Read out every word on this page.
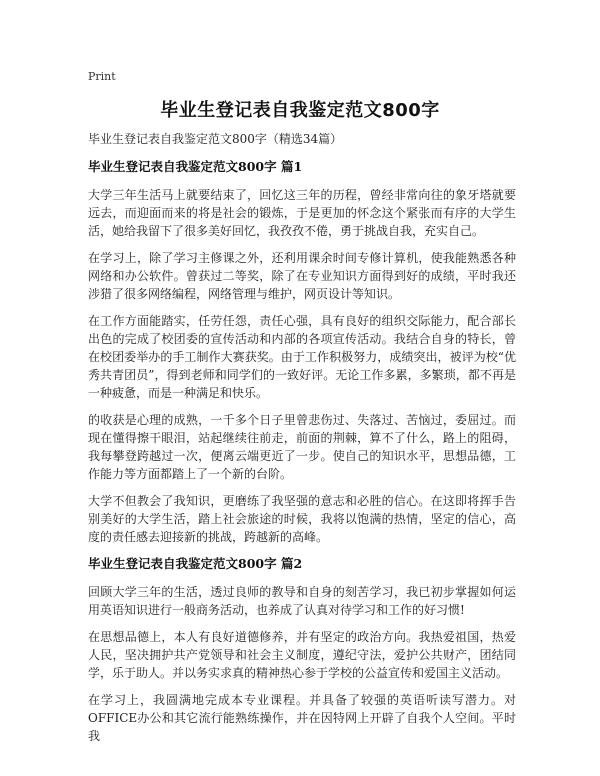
Print
毕业生登记表自我鉴定范文800字

毕业生登记表自我鉴定范文800字（精选34篇）

毕业生登记表自我鉴定范文800字 篇1

大学三年生活马上就要结束了，回忆这三年的历程，曾经非常向往的象牙塔就要远去，而迎面而来的将是社会的锻炼，于是更加的怀念这个紧张而有序的大学生活，她给我留下了很多美好回忆，我孜孜不倦，勇于挑战自我，充实自己。

在学习上，除了学习主修课之外，还利用课余时间专修计算机，使我能熟悉各种网络和办公软件。曾获过二等奖，除了在专业知识方面得到好的成绩，平时我还涉猎了很多网络编程，网络管理与维护，网页设计等知识。

在工作方面能踏实，任劳任怨，责任心强，具有良好的组织交际能力，配合部长出色的完成了校团委的宣传活动和内部的各项宣传活动。我结合自身的特长，曾在校团委举办的手工制作大赛获奖。由于工作积极努力，成绩突出，被评为校“优秀共青团员”，得到老师和同学们的一致好评。无论工作多累，多繁琐，都不再是一种疲惫，而是一种满足和快乐。

的收获是心理的成熟，一千多个日子里曾悲伤过、失落过、苦恼过，委屈过。而现在懂得擦干眼泪，站起继续往前走，前面的荆棘，算不了什么，路上的阻碍，我每攀登跨越过一次，便离云端更近了一步。使自己的知识水平，思想品德，工作能力等方面都踏上了一个新的台阶。

大学不但教会了我知识，更磨练了我坚强的意志和必胜的信心。在这即将挥手告别美好的大学生活，踏上社会旅途的时候，我将以饱满的热情，坚定的信心，高度的责任感去迎接新的挑战，跨越新的高峰。

毕业生登记表自我鉴定范文800字 篇2

回顾大学三年的生活，透过良师的教导和自身的刻苦学习，我已初步掌握如何运用英语知识进行一般商务活动，也养成了认真对待学习和工作的好习惯!

在思想品德上，本人有良好道德修养，并有坚定的政治方向。我热爱祖国，热爱人民，坚决拥护共产党领导和社会主义制度，遵纪守法，爱护公共财产，团结同学，乐于助人。并以务实求真的精神热心参于学校的公益宣传和爱国主义活动。

在学习上，我圆满地完成本专业课程。并具备了较强的英语听读写潜力。对OFFICE办公和其它流行能熟练操作，并在因特网上开辟了自我个人空间。平时我
